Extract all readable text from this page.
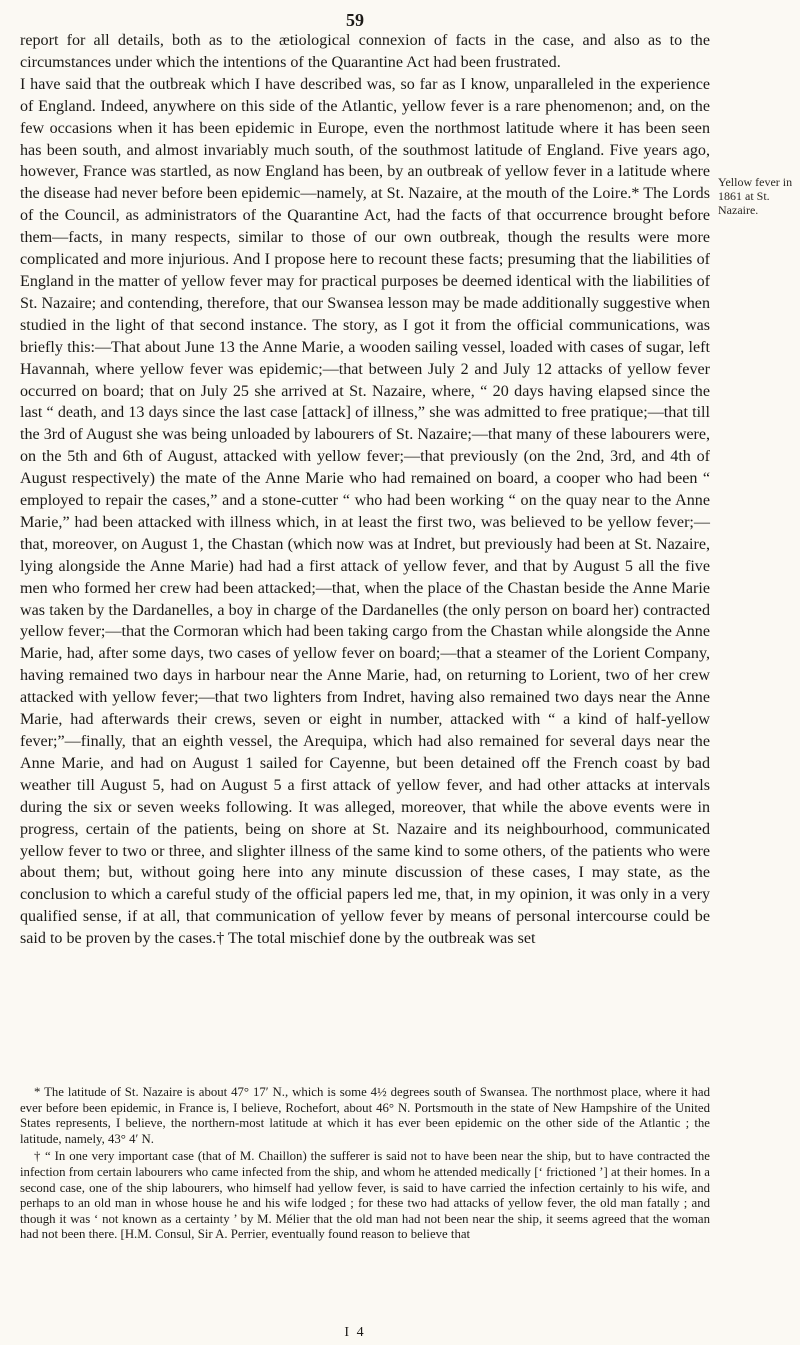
59

report for all details, both as to the ætiological connexion of facts in the case, and also as to the circumstances under which the intentions of the Quarantine Act had been frustrated.

I have said that the outbreak which I have described was, so far as I know, unparalleled in the experience of England. Indeed, anywhere on this side of the Atlantic, yellow fever is a rare phenomenon; and, on the few occasions when it has been epidemic in Europe, even the northmost latitude where it has been seen has been south, and almost invariably much south, of the southmost latitude of England. Five years ago, however, France was startled, as now England has been, by an outbreak of yellow fever in a latitude where the disease had never before been epidemic—namely, at St. Nazaire, at the mouth of the Loire.* The Lords of the Council, as administrators of the Quarantine Act, had the facts of that occurrence brought before them—facts, in many respects, similar to those of our own outbreak, though the results were more complicated and more injurious. And I propose here to recount these facts; presuming that the liabilities of England in the matter of yellow fever may for practical purposes be deemed identical with the liabilities of St. Nazaire; and contending, therefore, that our Swansea lesson may be made additionally suggestive when studied in the light of that second instance. The story, as I got it from the official communications, was briefly this:—That about June 13 the Anne Marie, a wooden sailing vessel, loaded with cases of sugar, left Havannah, where yellow fever was epidemic;—that between July 2 and July 12 attacks of yellow fever occurred on board; that on July 25 she arrived at St. Nazaire, where, “ 20 days having elapsed since the last “ death, and 13 days since the last case [attack] of illness,” she was admitted to free pratique;—that till the 3rd of August she was being unloaded by labourers of St. Nazaire;—that many of these labourers were, on the 5th and 6th of August, attacked with yellow fever;—that previously (on the 2nd, 3rd, and 4th of August respectively) the mate of the Anne Marie who had remained on board, a cooper who had been “ employed to repair the cases,” and a stone-cutter “ who had been working “ on the quay near to the Anne Marie,” had been attacked with illness which, in at least the first two, was believed to be yellow fever;—that, moreover, on August 1, the Chastan (which now was at Indret, but previously had been at St. Nazaire, lying alongside the Anne Marie) had had a first attack of yellow fever, and that by August 5 all the five men who formed her crew had been attacked;—that, when the place of the Chastan beside the Anne Marie was taken by the Dardanelles, a boy in charge of the Dardanelles (the only person on board her) contracted yellow fever;—that the Cormoran which had been taking cargo from the Chastan while alongside the Anne Marie, had, after some days, two cases of yellow fever on board;—that a steamer of the Lorient Company, having remained two days in harbour near the Anne Marie, had, on returning to Lorient, two of her crew attacked with yellow fever;—that two lighters from Indret, having also remained two days near the Anne Marie, had afterwards their crews, seven or eight in number, attacked with “ a kind of half-yellow fever;”—finally, that an eighth vessel, the Arequipa, which had also remained for several days near the Anne Marie, and had on August 1 sailed for Cayenne, but been detained off the French coast by bad weather till August 5, had on August 5 a first attack of yellow fever, and had other attacks at intervals during the six or seven weeks following. It was alleged, moreover, that while the above events were in progress, certain of the patients, being on shore at St. Nazaire and its neighbourhood, communicated yellow fever to two or three, and slighter illness of the same kind to some others, of the patients who were about them; but, without going here into any minute discussion of these cases, I may state, as the conclusion to which a careful study of the official papers led me, that, in my opinion, it was only in a very qualified sense, if at all, that communication of yellow fever by means of personal intercourse could be said to be proven by the cases.† The total mischief done by the outbreak was set

Yellow fever in 1861 at St. Nazaire.

* The latitude of St. Nazaire is about 47° 17′ N., which is some 4½ degrees south of Swansea. The northmost place, where it had ever before been epidemic, in France is, I believe, Rochefort, about 46° N. Portsmouth in the state of New Hampshire of the United States represents, I believe, the northern-most latitude at which it has ever been epidemic on the other side of the Atlantic ; the latitude, namely, 43° 4′ N.

† “ In one very important case (that of M. Chaillon) the sufferer is said not to have been near the ship, but to have contracted the infection from certain labourers who came infected from the ship, and whom he attended medically [‘ frictioned ’] at their homes. In a second case, one of the ship labourers, who himself had yellow fever, is said to have carried the infection certainly to his wife, and perhaps to an old man in whose house he and his wife lodged ; for these two had attacks of yellow fever, the old man fatally ; and though it was ‘ not known as a certainty ’ by M. Mélier that the old man had not been near the ship, it seems agreed that the woman had not been there. [H.M. Consul, Sir A. Perrier, eventually found reason to believe that

I 4
